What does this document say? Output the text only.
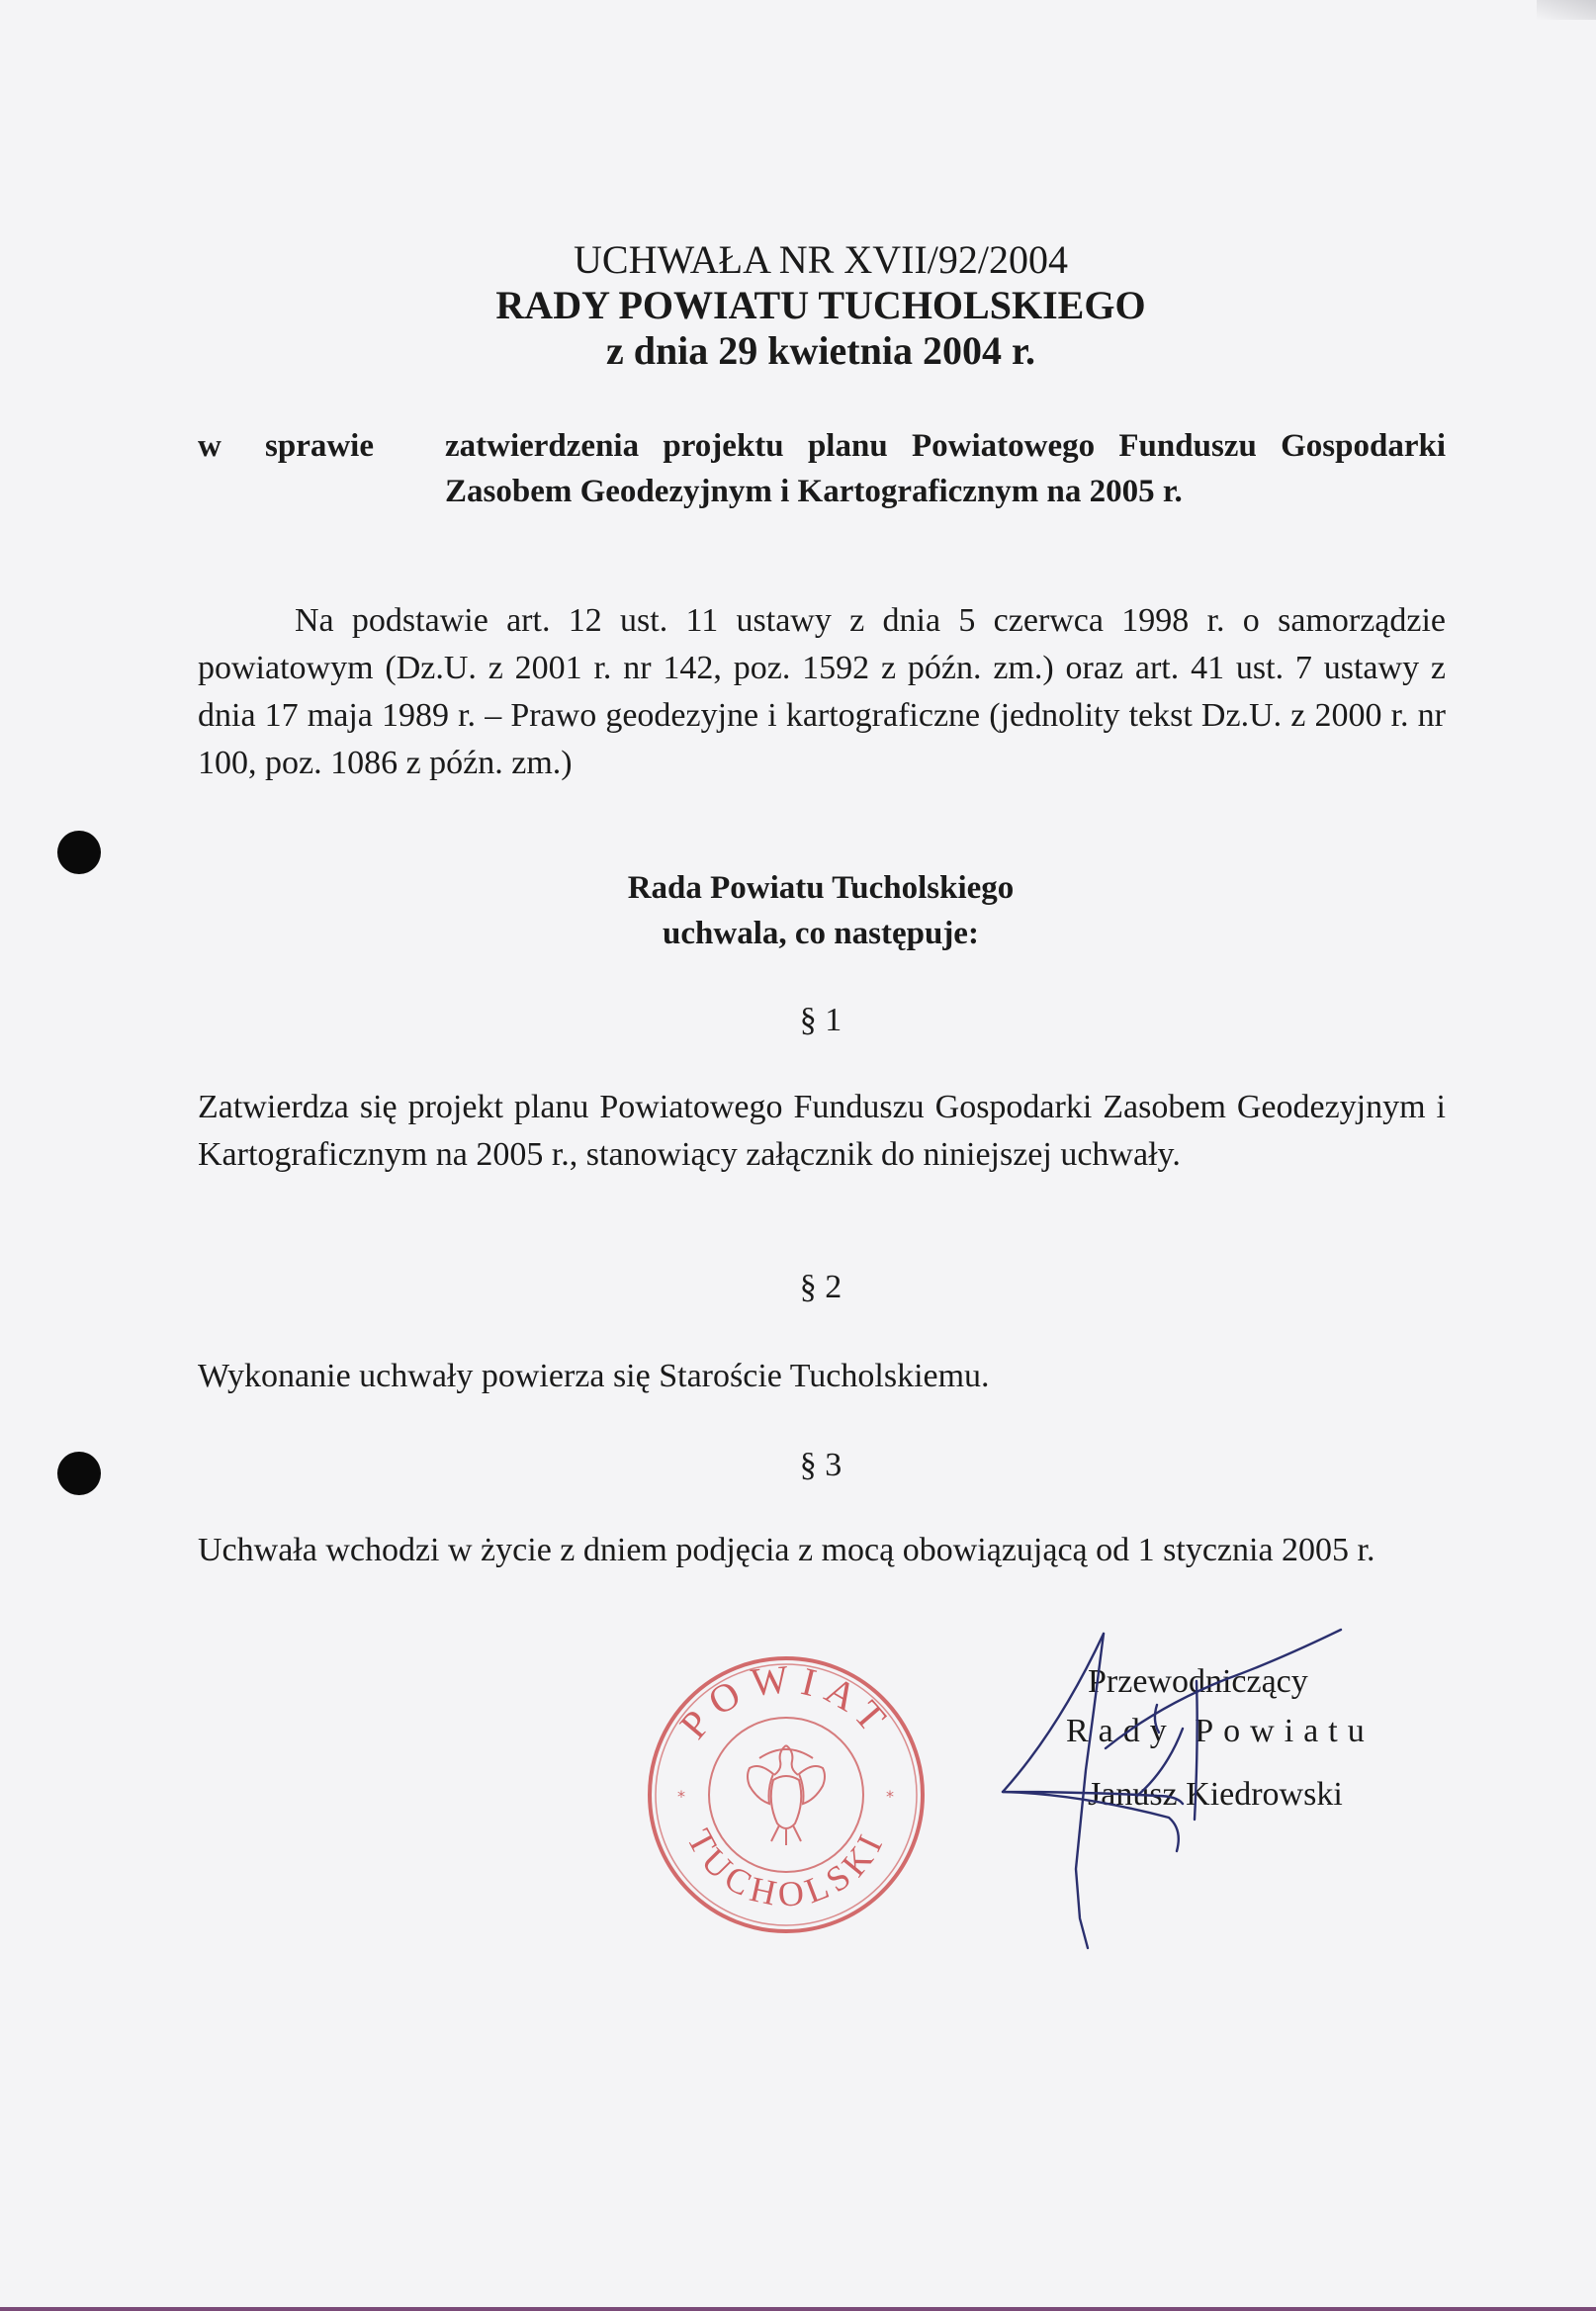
UCHWAŁA NR XVII/92/2004
RADY POWIATU TUCHOLSKIEGO
z dnia 29 kwietnia 2004 r.
w sprawie zatwierdzenia projektu planu Powiatowego Funduszu Gospodarki Zasobem Geodezyjnym i Kartograficznym na 2005 r.
Na podstawie art. 12 ust. 11 ustawy z dnia 5 czerwca 1998 r. o samorządzie powiatowym (Dz.U. z 2001 r. nr 142, poz. 1592 z późn. zm.) oraz art. 41 ust. 7 ustawy z dnia 17 maja 1989 r. – Prawo geodezyjne i kartograficzne (jednolity tekst Dz.U. z 2000 r. nr 100, poz. 1086 z późn. zm.)
Rada Powiatu Tucholskiego
uchwala, co następuje:
§ 1
Zatwierdza się projekt planu Powiatowego Funduszu Gospodarki Zasobem Geodezyjnym i Kartograficznym na 2005 r., stanowiący załącznik do niniejszej uchwały.
§ 2
Wykonanie uchwały powierza się Staroście Tucholskiemu.
§ 3
Uchwała wchodzi w życie z dniem podjęcia z mocą obowiązującą od 1 stycznia 2005 r.
POWIAT
TUCHOLSKI
*	*
Przewodniczący
Rady Powiatu
Janusz Kiedrowski
